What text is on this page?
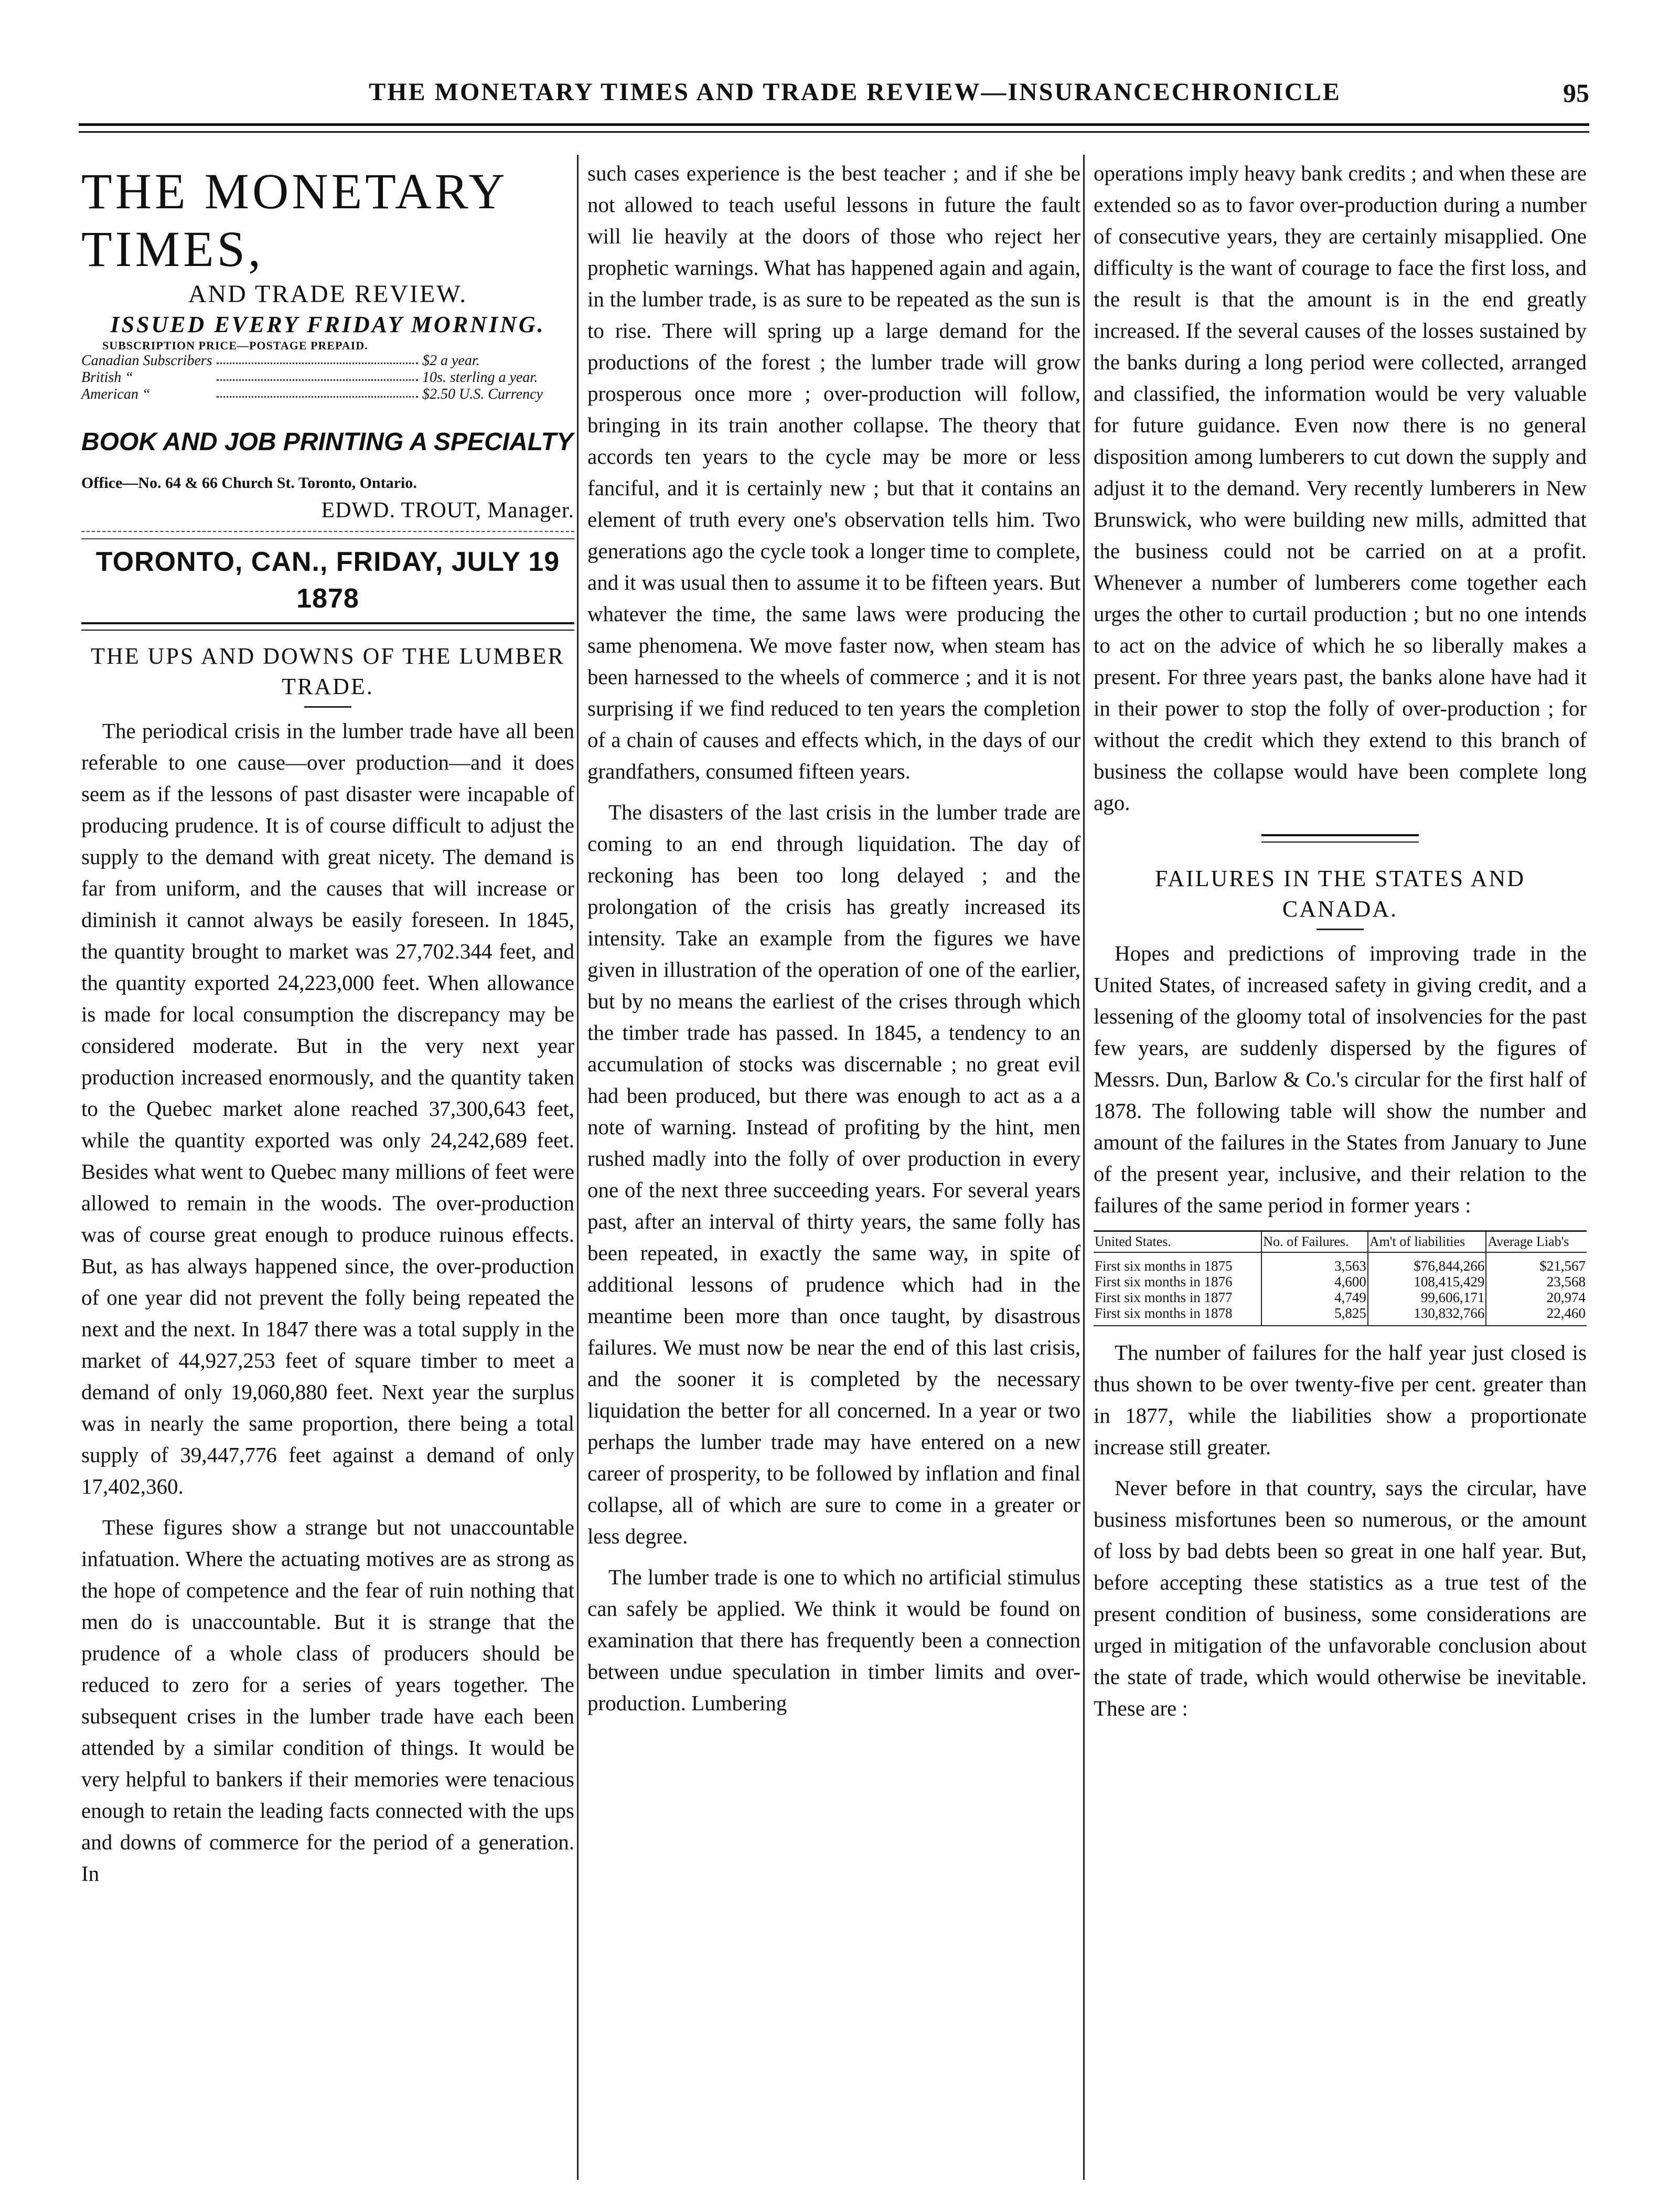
THE MONETARY TIMES AND TRADE REVIEW—INSURANCECHRONICLE	95
THE MONETARY TIMES,
AND TRADE REVIEW.
ISSUED EVERY FRIDAY MORNING.
SUBSCRIPTION PRICE—POSTAGE PREPAID.
Canadian Subscribers	$2 a year.
British “	10s. sterling a year.
American “	$2.50 U.S. Currency
BOOK AND JOB PRINTING A SPECIALTY
Office—No. 64 & 66 Church St. Toronto, Ontario.
EDWD. TROUT, Manager.
TORONTO, CAN., FRIDAY, JULY 19 1878
THE UPS AND DOWNS OF THE LUMBER TRADE.

The periodical crisis in the lumber trade have all been referable to one cause—over production—and it does seem as if the lessons of past disaster were incapable of producing prudence. It is of course difficult to adjust the supply to the demand with great nicety. The demand is far from uniform, and the causes that will increase or diminish it cannot always be easily foreseen. In 1845, the quantity brought to market was 27,702.344 feet, and the quantity exported 24,223,000 feet. When allowance is made for local consumption the discrepancy may be considered moderate. But in the very next year production increased enormously, and the quantity taken to the Quebec market alone reached 37,300,643 feet, while the quantity exported was only 24,242,689 feet. Besides what went to Quebec many millions of feet were allowed to remain in the woods. The over-production was of course great enough to produce ruinous effects. But, as has always happened since, the over-production of one year did not prevent the folly being repeated the next and the next. In 1847 there was a total supply in the market of 44,927,253 feet of square timber to meet a demand of only 19,060,880 feet. Next year the surplus was in nearly the same proportion, there being a total supply of 39,447,776 feet against a demand of only 17,402,360.

These figures show a strange but not unaccountable infatuation. Where the actuating motives are as strong as the hope of competence and the fear of ruin nothing that men do is unaccountable. But it is strange that the prudence of a whole class of producers should be reduced to zero for a series of years together. The subsequent crises in the lumber trade have each been attended by a similar condition of things. It would be very helpful to bankers if their memories were tenacious enough to retain the leading facts connected with the ups and downs of commerce for the period of a generation. In

such cases experience is the best teacher ; and if she be not allowed to teach useful lessons in future the fault will lie heavily at the doors of those who reject her prophetic warnings. What has happened again and again, in the lumber trade, is as sure to be repeated as the sun is to rise. There will spring up a large demand for the productions of the forest ; the lumber trade will grow prosperous once more ; over-production will follow, bringing in its train another collapse. The theory that accords ten years to the cycle may be more or less fanciful, and it is certainly new ; but that it contains an element of truth every one's observation tells him. Two generations ago the cycle took a longer time to complete, and it was usual then to assume it to be fifteen years. But whatever the time, the same laws were producing the same phenomena. We move faster now, when steam has been harnessed to the wheels of commerce ; and it is not surprising if we find reduced to ten years the completion of a chain of causes and effects which, in the days of our grandfathers, consumed fifteen years.

The disasters of the last crisis in the lumber trade are coming to an end through liquidation. The day of reckoning has been too long delayed ; and the prolongation of the crisis has greatly increased its intensity. Take an example from the figures we have given in illustration of the operation of one of the earlier, but by no means the earliest of the crises through which the timber trade has passed. In 1845, a tendency to an accumulation of stocks was discernable ; no great evil had been produced, but there was enough to act as a a note of warning. Instead of profiting by the hint, men rushed madly into the folly of over production in every one of the next three succeeding years. For several years past, after an interval of thirty years, the same folly has been repeated, in exactly the same way, in spite of additional lessons of prudence which had in the meantime been more than once taught, by disastrous failures. We must now be near the end of this last crisis, and the sooner it is completed by the necessary liquidation the better for all concerned. In a year or two perhaps the lumber trade may have entered on a new career of prosperity, to be followed by inflation and final collapse, all of which are sure to come in a greater or less degree.

The lumber trade is one to which no artificial stimulus can safely be applied. We think it would be found on examination that there has frequently been a connection between undue speculation in timber limits and over-production. Lumbering

operations imply heavy bank credits ; and when these are extended so as to favor over-production during a number of consecutive years, they are certainly misapplied. One difficulty is the want of courage to face the first loss, and the result is that the amount is in the end greatly increased. If the several causes of the losses sustained by the banks during a long period were collected, arranged and classified, the information would be very valuable for future guidance. Even now there is no general disposition among lumberers to cut down the supply and adjust it to the demand. Very recently lumberers in New Brunswick, who were building new mills, admitted that the business could not be carried on at a profit. Whenever a number of lumberers come together each urges the other to curtail production ; but no one intends to act on the advice of which he so liberally makes a present. For three years past, the banks alone have had it in their power to stop the folly of over-production ; for without the credit which they extend to this branch of business the collapse would have been complete long ago.

FAILURES IN THE STATES AND CANADA.

Hopes and predictions of improving trade in the United States, of increased safety in giving credit, and a lessening of the gloomy total of insolvencies for the past few years, are suddenly dispersed by the figures of Messrs. Dun, Barlow & Co.'s circular for the first half of 1878. The following table will show the number and amount of the failures in the States from January to June of the present year, inclusive, and their relation to the failures of the same period in former years :

United States.	No. of Failures.	Am't of liabilities	Average Liab's
First six months in 1875	3,563	$76,844,266	$21,567
First six months in 1876	4,600	108,415,429	23,568
First six months in 1877	4,749	99,606,171	20,974
First six months in 1878	5,825	130,832,766	22,460

The number of failures for the half year just closed is thus shown to be over twenty-five per cent. greater than in 1877, while the liabilities show a proportionate increase still greater.

Never before in that country, says the circular, have business misfortunes been so numerous, or the amount of loss by bad debts been so great in one half year. But, before accepting these statistics as a true test of the present condition of business, some considerations are urged in mitigation of the unfavorable conclusion about the state of trade, which would otherwise be inevitable. These are :
